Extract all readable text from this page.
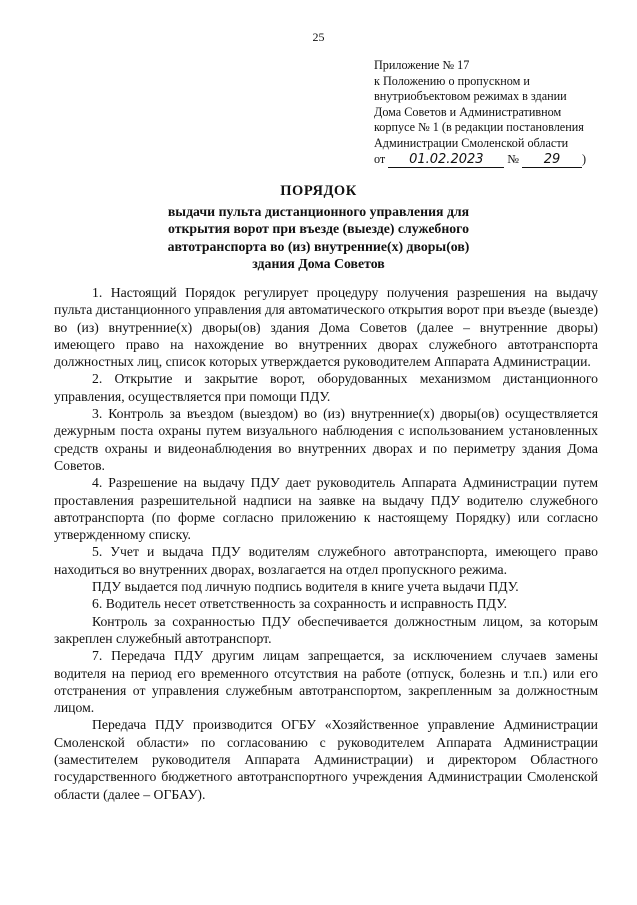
25
Приложение № 17
к Положению о пропускном и
внутриобъектовом режимах в здании
Дома Советов и Административном
корпусе № 1 (в редакции постановления
Администрации Смоленской области
от 01.02.2023 № 29 )
ПОРЯДОК
выдачи пульта дистанционного управления для
открытия ворот при въезде (выезде) служебного
автотранспорта во (из) внутренние(х) дворы(ов)
здания Дома Советов

1. Настоящий Порядок регулирует процедуру получения разрешения на выдачу пульта дистанционного управления для автоматического открытия ворот при въезде (выезде) во (из) внутренние(х) дворы(ов) здания Дома Советов (далее – внутренние дворы) имеющего право на нахождение во внутренних дворах служебного автотранспорта должностных лиц, список которых утверждается руководителем Аппарата Администрации.

2. Открытие и закрытие ворот, оборудованных механизмом дистанционного управления, осуществляется при помощи ПДУ.

3. Контроль за въездом (выездом) во (из) внутренние(х) дворы(ов) осуществляется дежурным поста охраны путем визуального наблюдения с использованием установленных средств охраны и видеонаблюдения во внутренних дворах и по периметру здания Дома Советов.

4. Разрешение на выдачу ПДУ дает руководитель Аппарата Администрации путем проставления разрешительной надписи на заявке на выдачу ПДУ водителю служебного автотранспорта (по форме согласно приложению к настоящему Порядку) или согласно утвержденному списку.

5. Учет и выдача ПДУ водителям служебного автотранспорта, имеющего право находиться во внутренних дворах, возлагается на отдел пропускного режима.

ПДУ выдается под личную подпись водителя в книге учета выдачи ПДУ.

6. Водитель несет ответственность за сохранность и исправность ПДУ.

Контроль за сохранностью ПДУ обеспечивается должностным лицом, за которым закреплен служебный автотранспорт.

7. Передача ПДУ другим лицам запрещается, за исключением случаев замены водителя на период его временного отсутствия на работе (отпуск, болезнь и т.п.) или его отстранения от управления служебным автотранспортом, закрепленным за должностным лицом.

Передача ПДУ производится ОГБУ «Хозяйственное управление Администрации Смоленской области» по согласованию с руководителем Аппарата Администрации (заместителем руководителя Аппарата Администрации) и директором Областного государственного бюджетного автотранспортного учреждения Администрации Смоленской области (далее – ОГБАУ).
